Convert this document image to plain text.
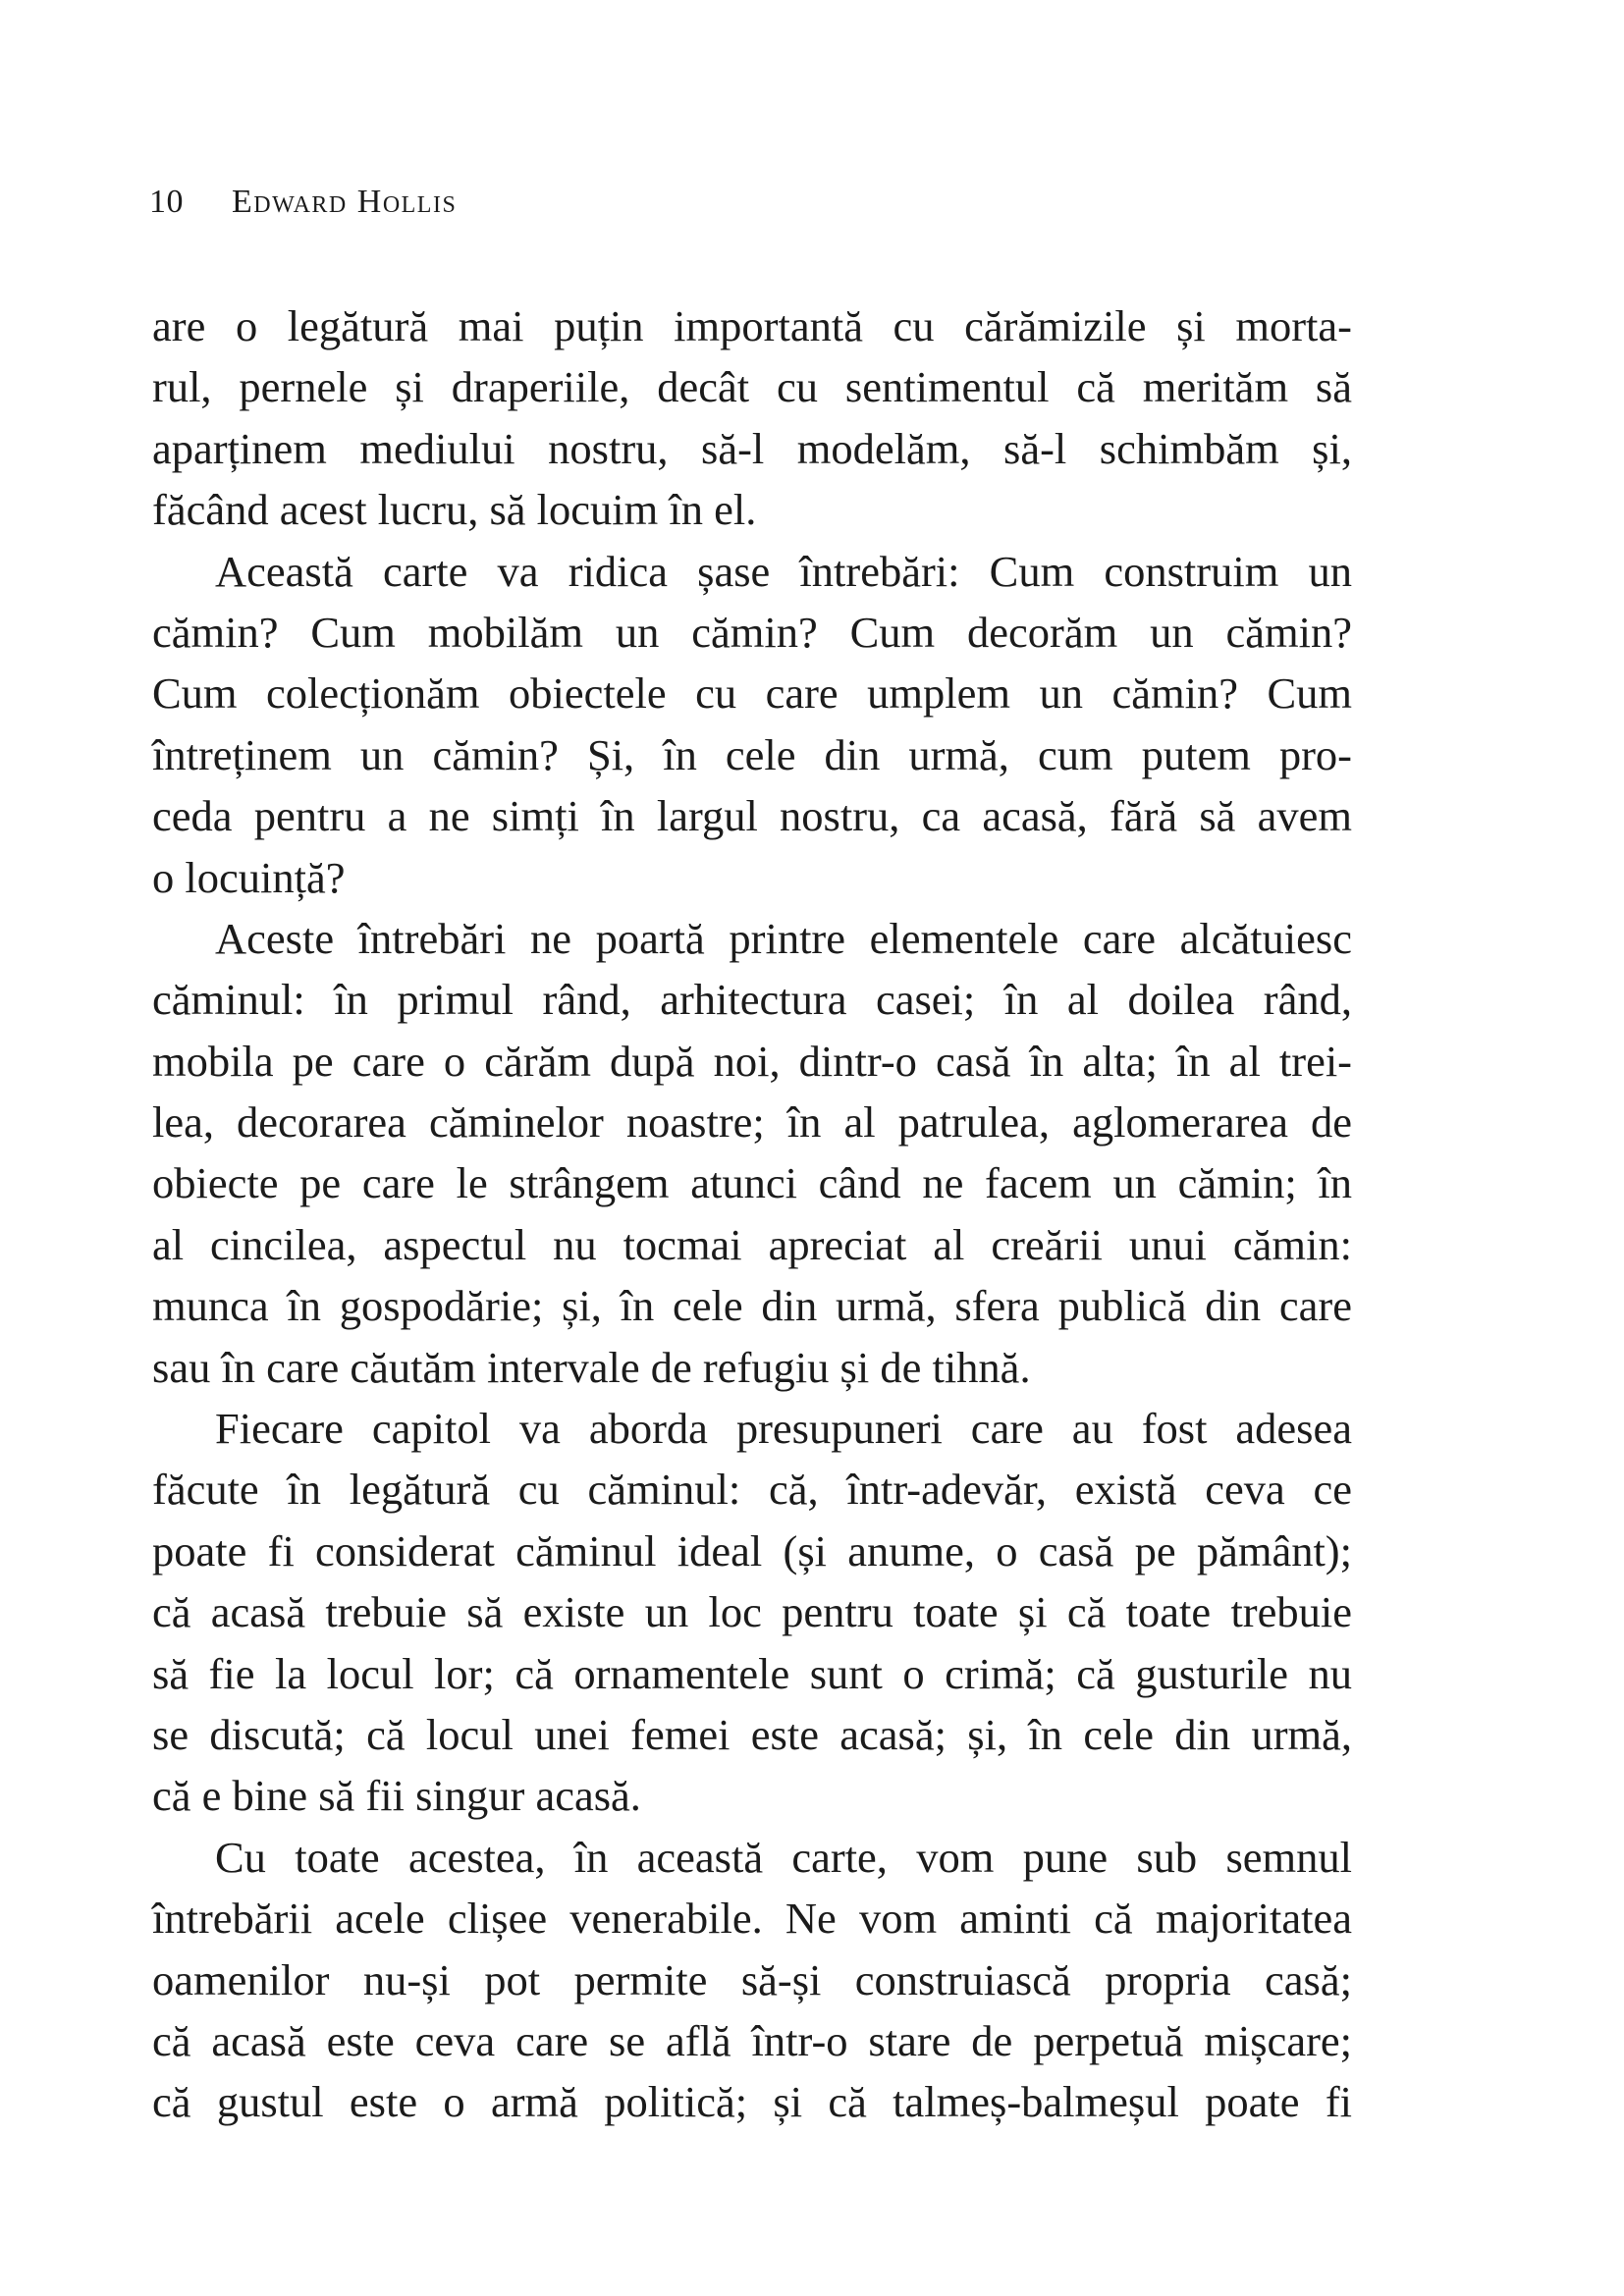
10 Edward Hollis
are o legătură mai puțin importantă cu cărămizile și morta-
rul, pernele și draperiile, decât cu sentimentul că merităm să
aparținem mediului nostru, să-l modelăm, să-l schimbăm și,
făcând acest lucru, să locuim în el.
Această carte va ridica șase întrebări: Cum construim un
cămin? Cum mobilăm un cămin? Cum decorăm un cămin?
Cum colecționăm obiectele cu care umplem un cămin? Cum
întreținem un cămin? Și, în cele din urmă, cum putem pro-
ceda pentru a ne simți în largul nostru, ca acasă, fără să avem
o locuință?
Aceste întrebări ne poartă printre elementele care alcătuiesc
căminul: în primul rând, arhitectura casei; în al doilea rând,
mobila pe care o cărăm după noi, dintr-o casă în alta; în al trei-
lea, decorarea căminelor noastre; în al patrulea, aglomerarea de
obiecte pe care le strângem atunci când ne facem un cămin; în
al cincilea, aspectul nu tocmai apreciat al creării unui cămin:
munca în gospodărie; și, în cele din urmă, sfera publică din care
sau în care căutăm intervale de refugiu și de tihnă.
Fiecare capitol va aborda presupuneri care au fost adesea
făcute în legătură cu căminul: că, într-adevăr, există ceva ce
poate fi considerat căminul ideal (și anume, o casă pe pământ);
că acasă trebuie să existe un loc pentru toate și că toate trebuie
să fie la locul lor; că ornamentele sunt o crimă; că gusturile nu
se discută; că locul unei femei este acasă; și, în cele din urmă,
că e bine să fii singur acasă.
Cu toate acestea, în această carte, vom pune sub semnul
întrebării acele clișee venerabile. Ne vom aminti că majoritatea
oamenilor nu-și pot permite să-și construiască propria casă;
că acasă este ceva care se află într-o stare de perpetuă mișcare;
că gustul este o armă politică; și că talmeș-balmeșul poate fi
